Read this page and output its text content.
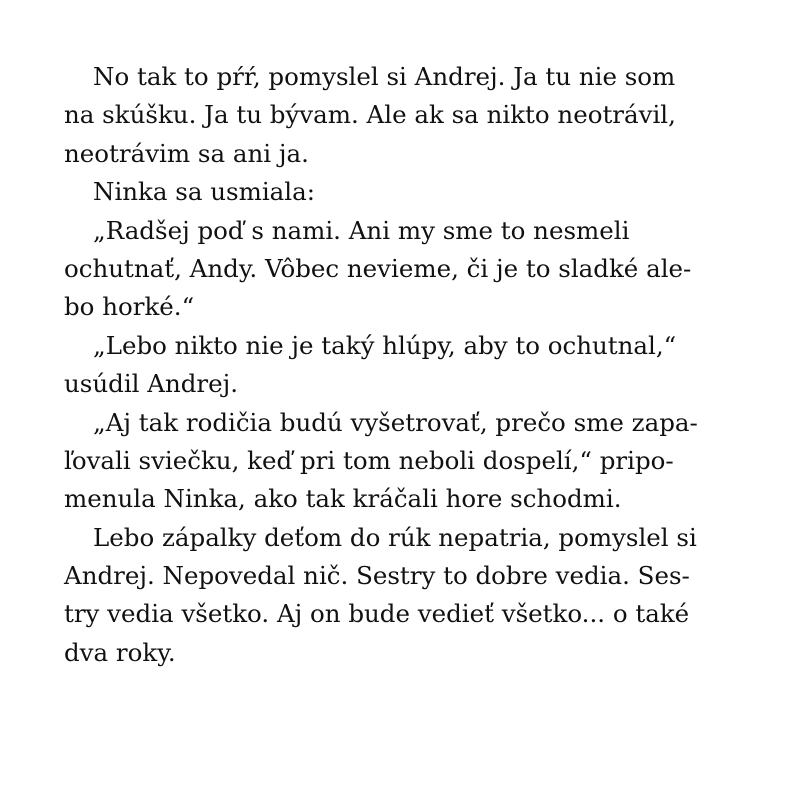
No tak to pŕŕ, pomyslel si Andrej. Ja tu nie som
na skúšku. Ja tu bývam. Ale ak sa nikto neotrávil,
neotrávim sa ani ja.
Ninka sa usmiala:
„Radšej poď s nami. Ani my sme to nesmeli
ochutnať, Andy. Vôbec nevieme, či je to sladké ale-
bo horké.“
„Lebo nikto nie je taký hlúpy, aby to ochutnal,“
usúdil Andrej.
„Aj tak rodičia budú vyšetrovať, prečo sme zapa-
ľovali sviečku, keď pri tom neboli dospelí,“ pripo-
menula Ninka, ako tak kráčali hore schodmi.
Lebo zápalky deťom do rúk nepatria, pomyslel si
Andrej. Nepovedal nič. Sestry to dobre vedia. Ses-
try vedia všetko. Aj on bude vedieť všetko... o také
dva roky.
